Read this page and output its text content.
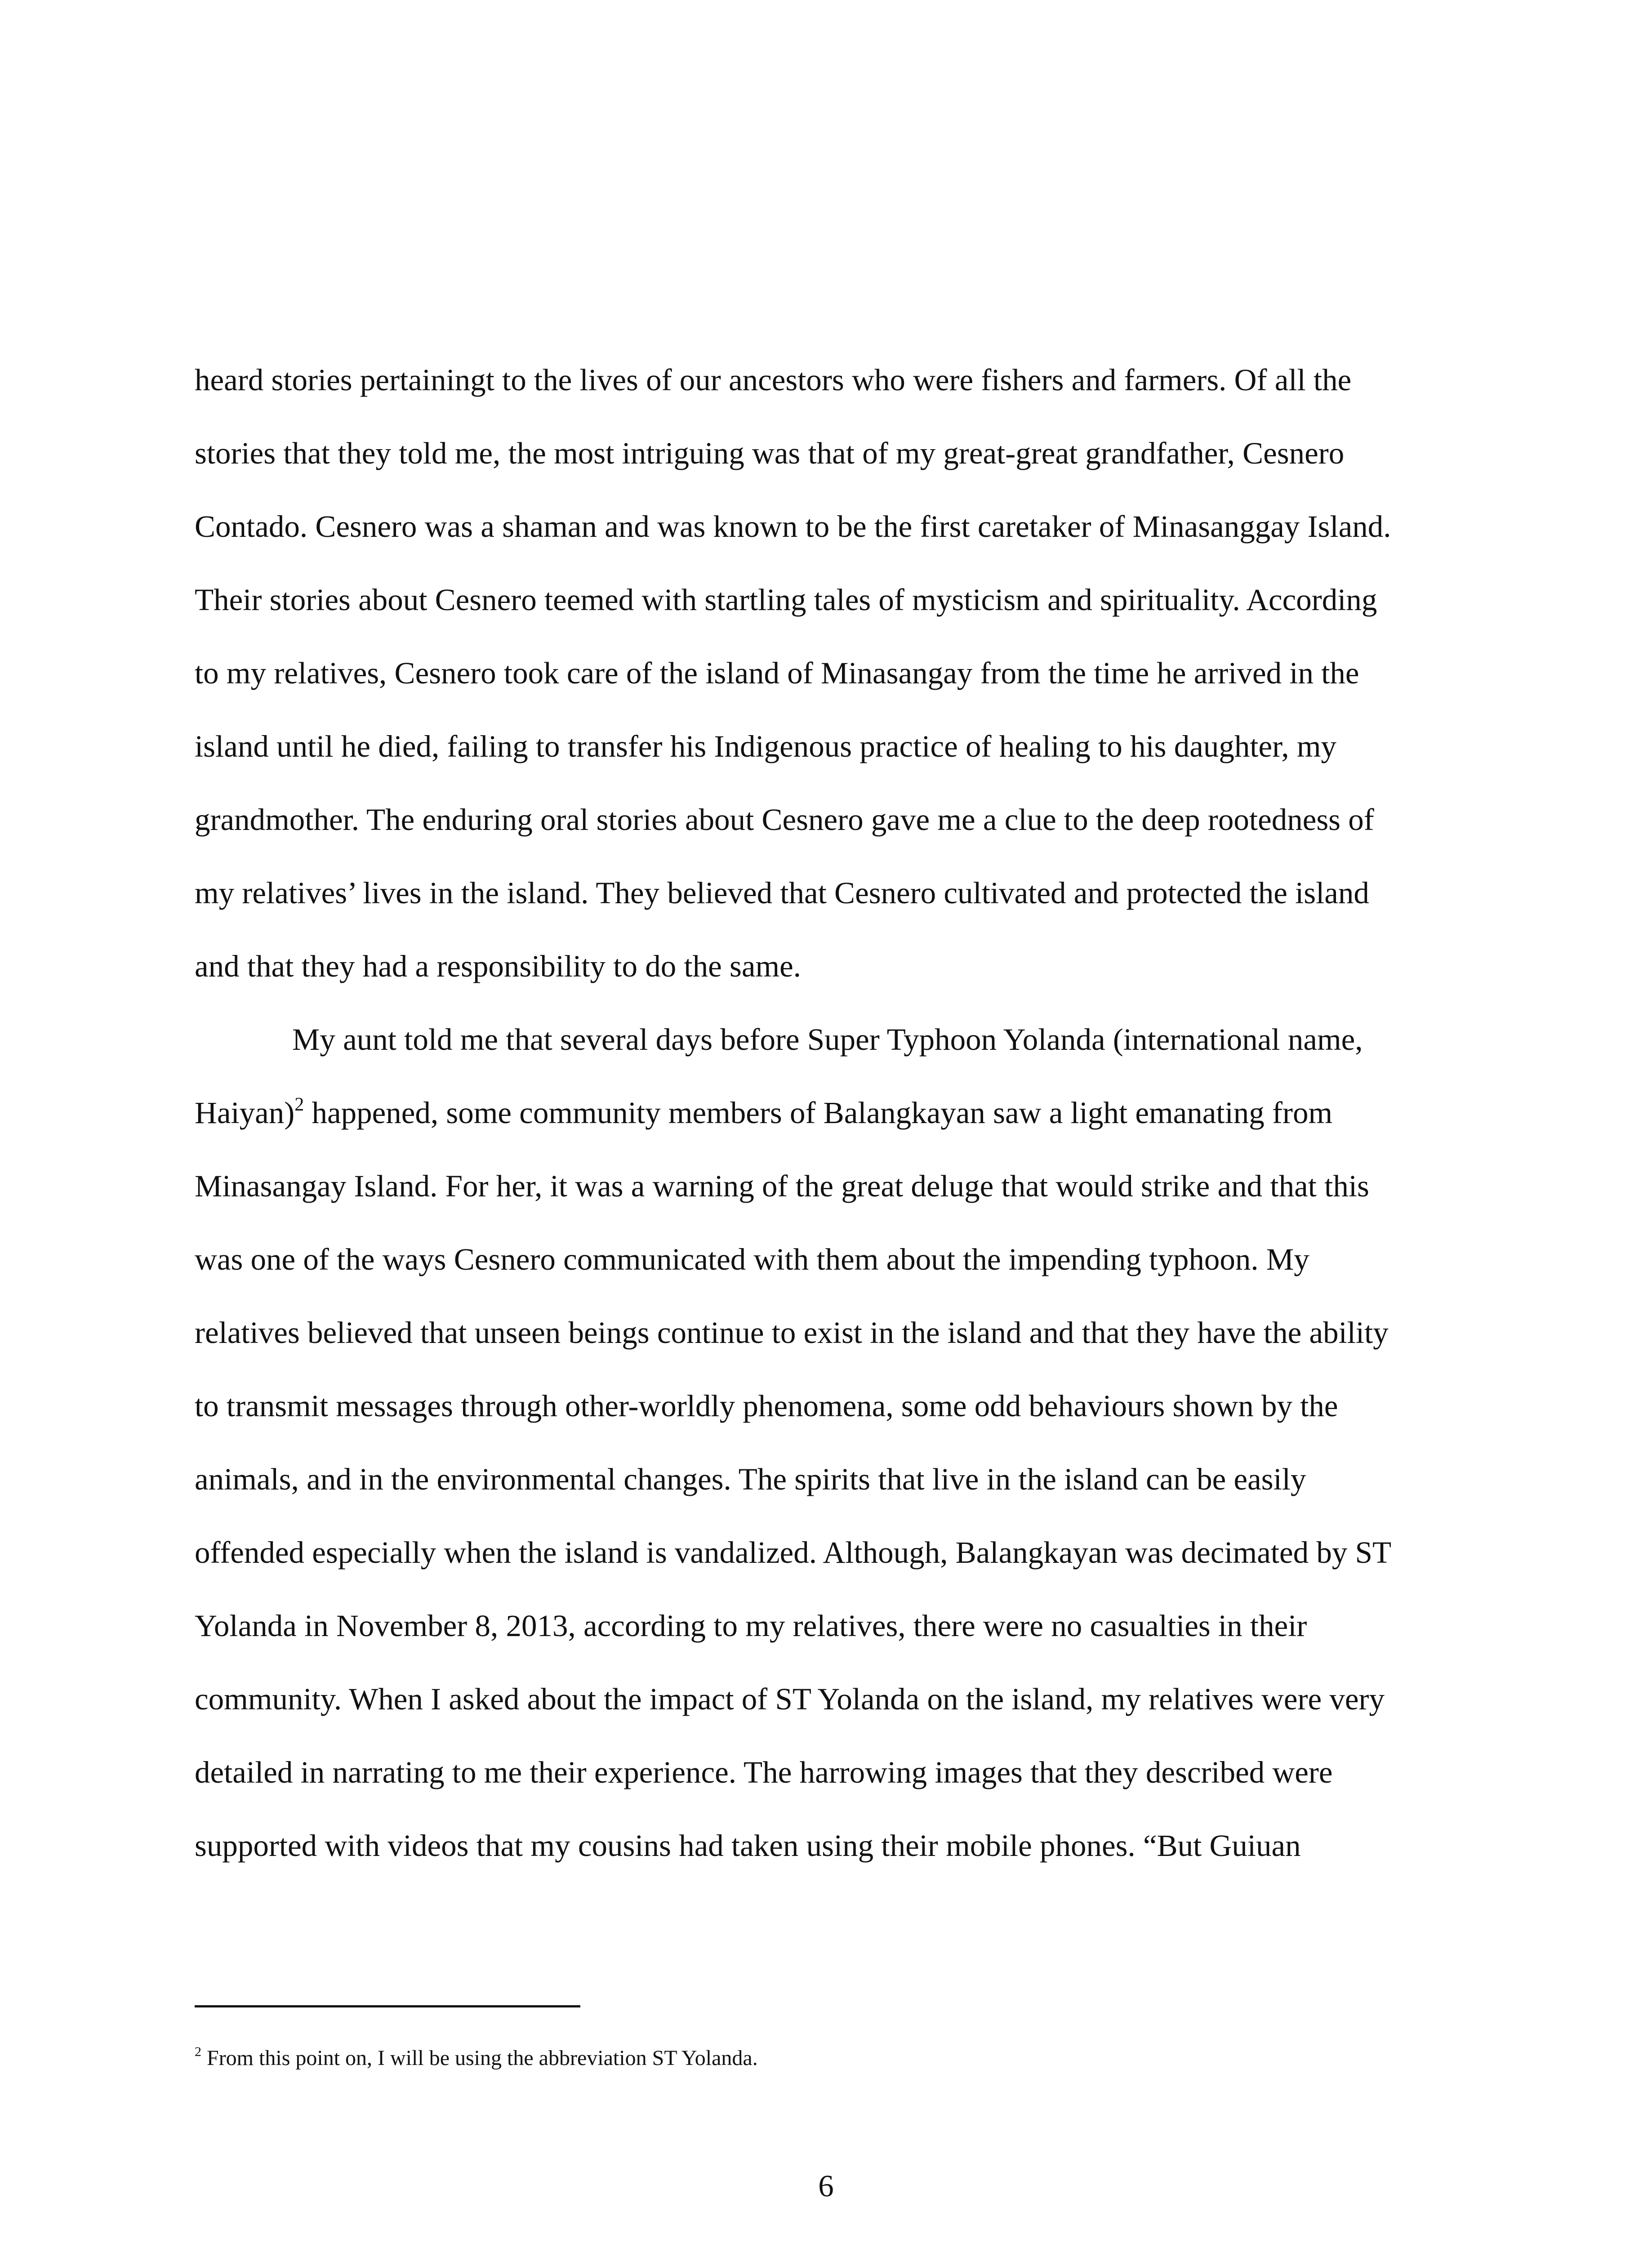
heard stories pertainingt to the lives of our ancestors who were fishers and farmers. Of all the
stories that they told me, the most intriguing was that of my great-great grandfather, Cesnero
Contado. Cesnero was a shaman and was known to be the first caretaker of Minasanggay Island.
Their stories about Cesnero teemed with startling tales of mysticism and spirituality. According
to my relatives, Cesnero took care of the island of Minasangay from the time he arrived in the
island until he died, failing to transfer his Indigenous practice of healing to his daughter, my
grandmother. The enduring oral stories about Cesnero gave me a clue to the deep rootedness of
my relatives’ lives in the island. They believed that Cesnero cultivated and protected the island
and that they had a responsibility to do the same.
My aunt told me that several days before Super Typhoon Yolanda (international name,
Haiyan)$^2$ happened, some community members of Balangkayan saw a light emanating from
Minasangay Island. For her, it was a warning of the great deluge that would strike and that this
was one of the ways Cesnero communicated with them about the impending typhoon. My
relatives believed that unseen beings continue to exist in the island and that they have the ability
to transmit messages through other-worldly phenomena, some odd behaviours shown by the
animals, and in the environmental changes. The spirits that live in the island can be easily
offended especially when the island is vandalized. Although, Balangkayan was decimated by ST
Yolanda in November 8, 2013, according to my relatives, there were no casualties in their
community. When I asked about the impact of ST Yolanda on the island, my relatives were very
detailed in narrating to me their experience. The harrowing images that they described were
supported with videos that my cousins had taken using their mobile phones. “But Guiuan
$^2$ From this point on, I will be using the abbreviation ST Yolanda.
6
